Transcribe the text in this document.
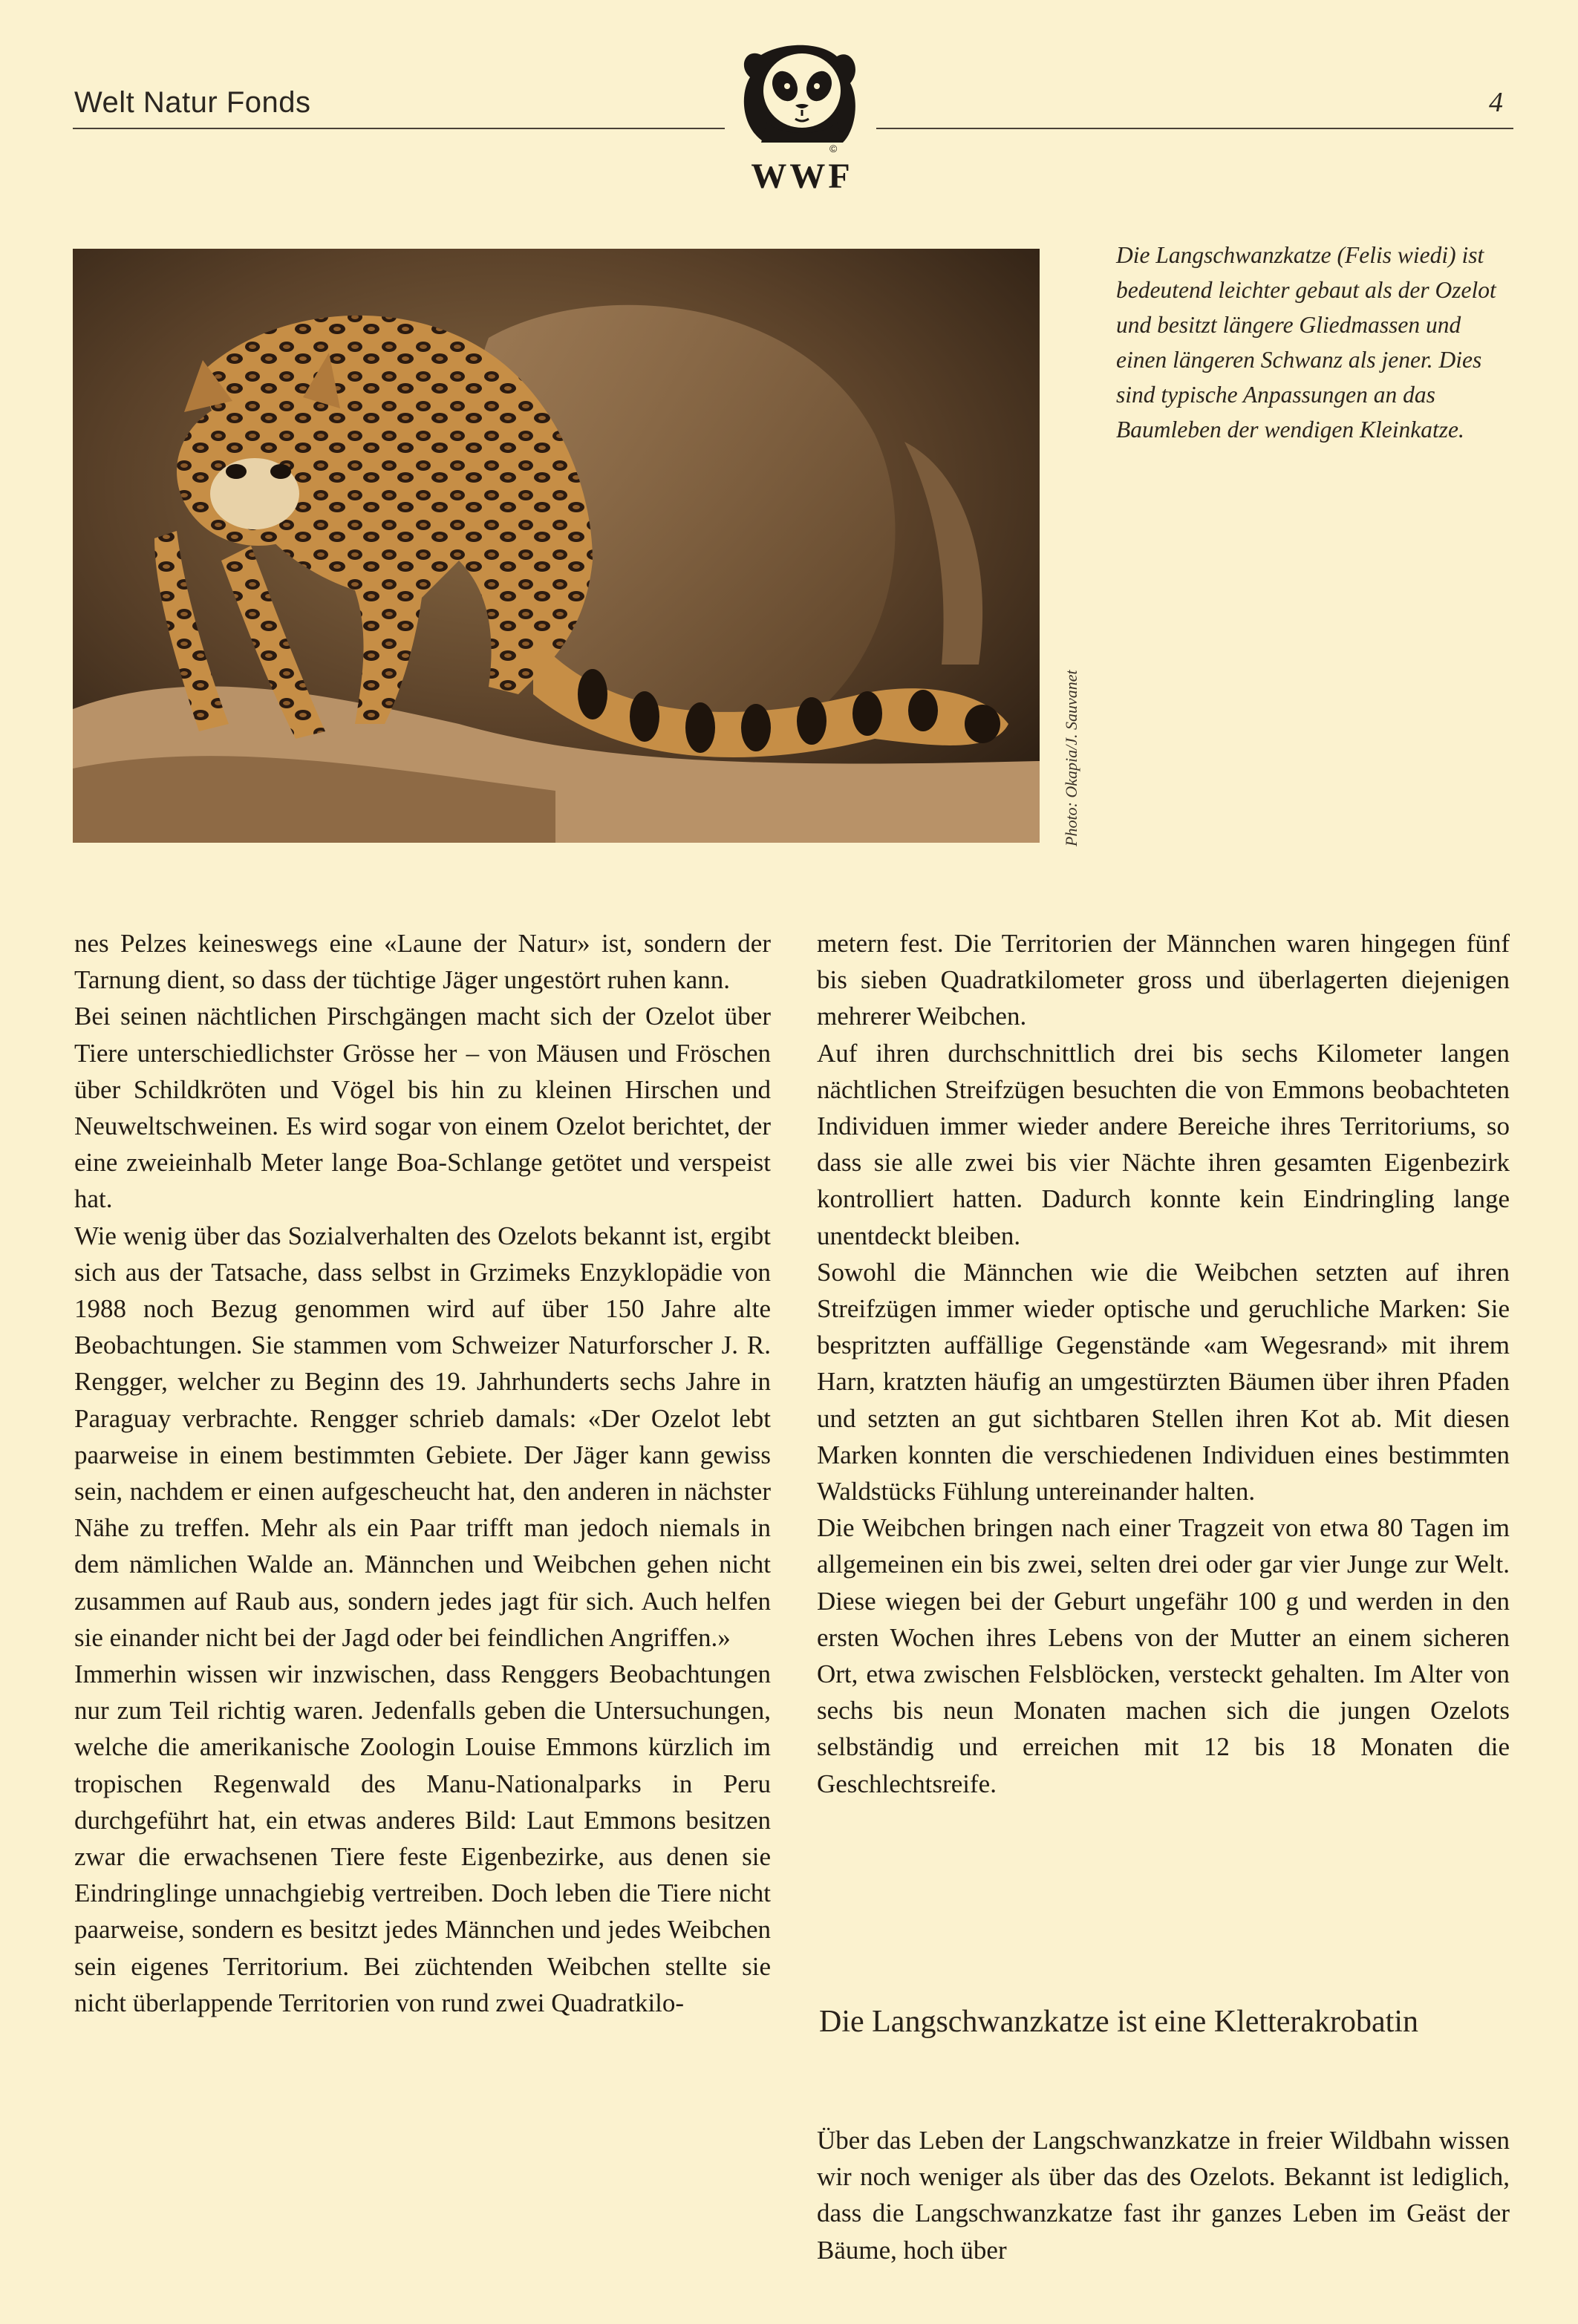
Welt Natur Fonds	4
©
WWF
Photo: Okapia/J. Sauvanet

Die Langschwanzkatze (Felis wiedi) ist bedeutend leichter gebaut als der Ozelot und besitzt längere Gliedmassen und einen längeren Schwanz als jener. Dies sind typische Anpassungen an das Baumleben der wendigen Kleinkatze.

nes Pelzes keineswegs eine «Laune der Natur» ist, sondern der Tarnung dient, so dass der tüchtige Jäger ungestört ruhen kann.
Bei seinen nächtlichen Pirschgängen macht sich der Ozelot über Tiere unterschiedlichster Grösse her – von Mäusen und Fröschen über Schildkröten und Vögel bis hin zu kleinen Hirschen und Neuweltschweinen. Es wird sogar von einem Ozelot berichtet, der eine zweieinhalb Meter lange Boa-Schlange getötet und verspeist hat.
Wie wenig über das Sozialverhalten des Ozelots bekannt ist, ergibt sich aus der Tatsache, dass selbst in Grzimeks Enzyklopädie von 1988 noch Bezug genommen wird auf über 150 Jahre alte Beobachtungen. Sie stammen vom Schweizer Naturforscher J. R. Rengger, welcher zu Beginn des 19. Jahrhunderts sechs Jahre in Paraguay verbrachte. Rengger schrieb damals: «Der Ozelot lebt paarweise in einem bestimmten Gebiete. Der Jäger kann gewiss sein, nachdem er einen aufgescheucht hat, den anderen in nächster Nähe zu treffen. Mehr als ein Paar trifft man jedoch niemals in dem nämlichen Walde an. Männchen und Weibchen gehen nicht zusammen auf Raub aus, sondern jedes jagt für sich. Auch helfen sie einander nicht bei der Jagd oder bei feindlichen Angriffen.»
Immerhin wissen wir inzwischen, dass Renggers Beobachtungen nur zum Teil richtig waren. Jedenfalls geben die Untersuchungen, welche die amerikanische Zoologin Louise Emmons kürzlich im tropischen Regenwald des Manu-Nationalparks in Peru durchgeführt hat, ein etwas anderes Bild: Laut Emmons besitzen zwar die erwachsenen Tiere feste Eigenbezirke, aus denen sie Eindringlinge unnachgiebig vertreiben. Doch leben die Tiere nicht paarweise, sondern es besitzt jedes Männchen und jedes Weibchen sein eigenes Territorium. Bei züchtenden Weibchen stellte sie nicht überlappende Territorien von rund zwei Quadratkilo-

metern fest. Die Territorien der Männchen waren hingegen fünf bis sieben Quadratkilometer gross und überlagerten diejenigen mehrerer Weibchen.
Auf ihren durchschnittlich drei bis sechs Kilometer langen nächtlichen Streifzügen besuchten die von Emmons beobachteten Individuen immer wieder andere Bereiche ihres Territoriums, so dass sie alle zwei bis vier Nächte ihren gesamten Eigenbezirk kontrolliert hatten. Dadurch konnte kein Eindringling lange unentdeckt bleiben.
Sowohl die Männchen wie die Weibchen setzten auf ihren Streifzügen immer wieder optische und geruchliche Marken: Sie bespritzten auffällige Gegenstände «am Wegesrand» mit ihrem Harn, kratzten häufig an umgestürzten Bäumen über ihren Pfaden und setzten an gut sichtbaren Stellen ihren Kot ab. Mit diesen Marken konnten die verschiedenen Individuen eines bestimmten Waldstücks Fühlung untereinander halten.
Die Weibchen bringen nach einer Tragzeit von etwa 80 Tagen im allgemeinen ein bis zwei, selten drei oder gar vier Junge zur Welt. Diese wiegen bei der Geburt ungefähr 100 g und werden in den ersten Wochen ihres Lebens von der Mutter an einem sicheren Ort, etwa zwischen Felsblöcken, versteckt gehalten. Im Alter von sechs bis neun Monaten machen sich die jungen Ozelots selbständig und erreichen mit 12 bis 18 Monaten die Geschlechtsreife.

Die Langschwanzkatze ist eine Kletterakrobatin

Über das Leben der Langschwanzkatze in freier Wildbahn wissen wir noch weniger als über das des Ozelots. Bekannt ist lediglich, dass die Langschwanzkatze fast ihr ganzes Leben im Geäst der Bäume, hoch über
